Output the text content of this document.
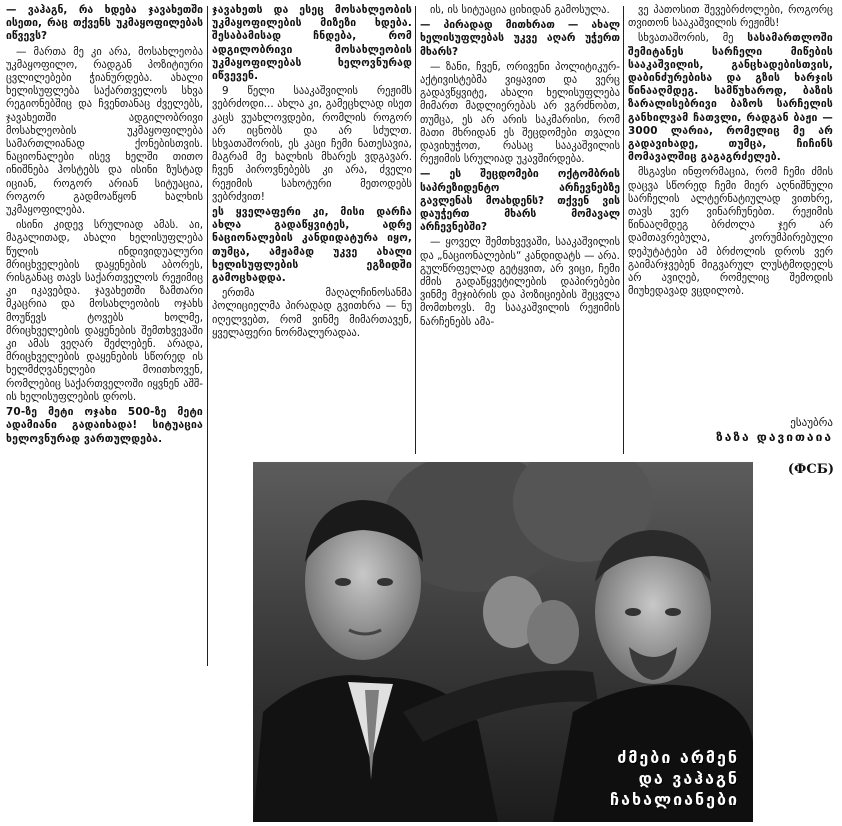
— ვაჰაგნ, რა ხდება ჯავახეთში ისეთი, რაც თქვენს უკმაყოფილებას იწვევს?

— მართა მე კი არა, მოსახლეობა უკმაყოფილო, რადგან პოზიტიური ცვლილებები ჭიანურდება. ახალი ხელისუფლება საქართველოს სხვა რეგიონებშიც და ჩვენთანაც ძველებს, ჯავახეთში ადგილობრივი მოსახლეობის უკმაყოფილება სამართლიანად ქონებისთვის. ნაციონალები ისევ ხელში თითო ინიშნება ჰოსტებს და ისინი ზუსტად იციან, როგორ არიან სიტუაცია, როგორ გადმოაწყონ ხალხის უკმაყოფილება.

ისინი კიდევ სრულიად ამას. აი, მაგალითად, ახალი ხელისუფლება წულის ინდივიდუალური მრიცხველების დაყენების აბორეს, რისგანაც თავს საქართველოს რეჟიმიც კი იკავებდა. ჯავახეთში ზამთარი მკაცრია და მოსახლეობის ოჯახს მოუწევს ტოვებს ხოლმე, მრიცხველების დაყენების შემთხვევაში კი ამას ვეღარ შეძლებენ. არადა, მრიცხველების დაყენების სწორედ ის ხელმძღვანელები მოითხოვენ, რომლებიც საქართველოში იყვნენ აშშ-ის ხელისუფლების დროს.

70-ზე მეტი ოჯახი 500-ზე მეტი ადამიანი გადაიხადა! სიტუაცია ხელოვნურად ვართულდება.

ჯავახეთს და ესეც მოსახლეობის უკმაყოფილების მიზეზი ხდება. შესაბამისად ჩნდება, რომ ადგილობრივი მოსახლეობის უკმაყოფილებას ხელოვნურად იწვევენ.

9 წელი სააკაშვილის რეჟიმს ვებრძოდი... ახლა კი, გამეცხლად ისეთ კაცს ვუახლოვდები, რომლის როგორ არ იცნობს და არ სძულთ. სხვათაშორის, ეს კაცი ჩემი ნათესავია, მაგრამ მე ხალხის მხარეს ვდგავარ. ჩვენ პიროვნებებს კი არა, ძველი რეჟიმის სახოტური მეთოდებს ვებრძვით!

ეს ყველაფერი კი, მისი დარჩა ახლა გადაწყვიტეს, ადრე ნაციონალების კანდიდატურა იყო, თუმცა, ამჟამად უკვე ახალი ხელისუფლების ეგზიდში გამოცხადდა.

ერთმა მაღალჩინოსანმა პოლიციელმა პირადად გვითხრა — ნუ იღელვებთ, რომ ვინმე მიმართავენ, ყველაფერი ნორმალურადაა.

ის, ის სიტუაცია ციხიდან გამოსულა.

— პირადად მითხრათ — ახალ ხელისუფლებას უკვე აღარ უჭერთ მხარს?

— ზანი, ჩვენ, ორივენი პოლიტიკურ-აქტივისტებმა ვიყავით და ვერც გადავწყვიტე, ახალი ხელისუფლება მიმართ მადლიერებას არ ვგრძნობთ, თუმცა, ეს არ არის საკმარისი, რომ მათი მხრიდან ეს შეცდომები თვალი დავიხუჭოთ, რასაც სააკაშვილის რეჟიმის სრულიად უკავშირდება.

— ეს შეცდომები ოქტომბრის საპრეზიდენტო არჩევნებზე გავლენას მოახდენს? თქვენ ვის დაუჭერთ მხარს მომავალ არჩევნებში?

— ყოველ შემთხვევაში, სააკაშვილის და „ნაციონალების“ კანდიდატს — არა. გულწრფელად გეტყვით, არ ვიცი, ჩემი ძმის გადაწყვეტილების დაპირებები ვინმე მეჯიბრის და პოზიციების შეცვლა მომთხოვს. მე სააკაშვილის რეჟიმის ნარჩენებს ამა-

ვე პათოსით შევებრძოლები, როგორც თვითონ სააკაშვილის რეჟიმს!

სხვათაშორის, მე სასამართლოში შემიტანეს სარჩელი მიწების სააკაშვილის, განცხადებისთვის, დაბინძურებისა და გზის ხარჯის წინააღმდეგ. სამწუხაროდ, ბაზის ზარალისებრივი ბაზოს სარჩელის განხილვამ ჩათვლი, რადგან ბაჟი — 3000 ლარია, რომელიც მე არ გადავიხადე, თუმცა, ჩიჩინს მომავალშიც გაგაგრძელებ.

მსგავსი ინფორმაცია, რომ ჩემი ძმის დაცვა სწორედ ჩემი მიერ აღნიშნული სარჩელის ალტერნატიულად ვითხრე, თავს ვერ ვინარჩუნებთ. რეჟიმის წინააღმდეგ ბრძოლა ჯერ არ დამთავრებულა, კორუმპირებული დეპუტატები ამ ბრძოლის დროს ვერ გაიმარჯვებენ მიგვარულ ლუსტმოდელს არ ავიღებ, რომელიც შემოდის მიუხედავად ვცდილობ.

ესაუბრა
ზაზა დავითაია
(ФСБ)
ძმები არმენ
და ვაჰაგნ
ჩახალიანები
